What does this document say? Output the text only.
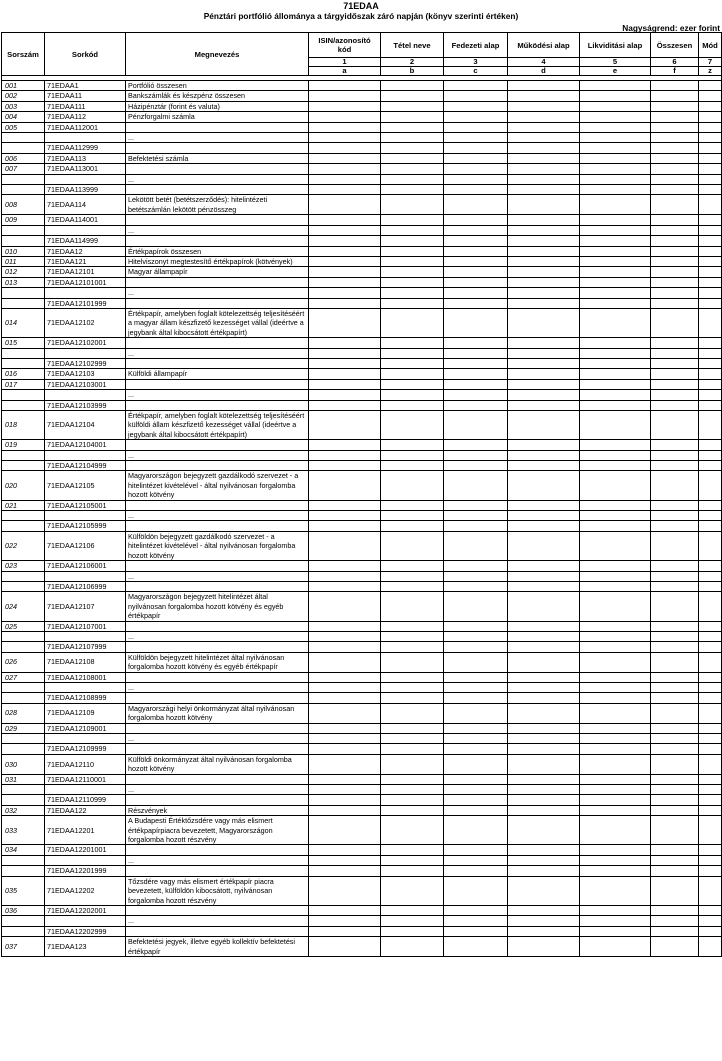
71EDAA
Pénztári portfólió állománya a tárgyidőszak záró napján (könyv szerinti értéken)
Nagyságrend: ezer forint
Sorszám	Sorkód	Megnevezés	ISIN/azonosító kód	Tétel neve	Fedezeti alap	Működési alap	Likviditási alap	Összesen	Mód
			1	2	3	4	5	6	7
			a	b	c	d	e	f	z

001	71EDAA1	Portfólió összesen							
002	71EDAA11	Bankszámlák és készpénz összesen							
003	71EDAA111	Házipénztár (forint és valuta)							
004	71EDAA112	Pénzforgalmi számla							
005	71EDAA112001								
		...							
	71EDAA112999								
006	71EDAA113	Befektetési számla							
007	71EDAA113001								
		...							
	71EDAA113999								
008	71EDAA114	Lekötött betét (betétszerződés): hitelintézeti betétszámlán lekötött pénzösszeg							
009	71EDAA114001								
		...							
	71EDAA114999								
010	71EDAA12	Értékpapírok összesen							
011	71EDAA121	Hitelviszonyt megtestesítő értékpapírok (kötvények)							
012	71EDAA12101	Magyar állampapír							
013	71EDAA12101001								
		...							
	71EDAA12101999								
014	71EDAA12102	Értékpapír, amelyben foglalt kötelezettség teljesítéséért a magyar állam készfizető kezességet vállal (ideértve a jegybank által kibocsátott értékpapírt)							
015	71EDAA12102001								
		...							
	71EDAA12102999								
016	71EDAA12103	Külföldi állampapír							
017	71EDAA12103001								
		...							
	71EDAA12103999								
018	71EDAA12104	Értékpapír, amelyben foglalt kötelezettség teljesítéséért külföldi állam készfizető kezességet vállal (ideértve a jegybank által kibocsátott értékpapírt)							
019	71EDAA12104001								
		...							
	71EDAA12104999								
020	71EDAA12105	Magyarországon bejegyzett gazdálkodó szervezet - a hitelintézet kivételével - által nyilvánosan forgalomba hozott kötvény							
021	71EDAA12105001								
		...							
	71EDAA12105999								
022	71EDAA12106	Külföldön bejegyzett gazdálkodó szervezet - a hitelintézet kivételével - által nyilvánosan forgalomba hozott kötvény							
023	71EDAA12106001								
		...							
	71EDAA12106999								
024	71EDAA12107	Magyarországon bejegyzett hitelintézet által nyilvánosan forgalomba hozott kötvény és egyéb értékpapír							
025	71EDAA12107001								
		...							
	71EDAA12107999								
026	71EDAA12108	Külföldön bejegyzett hitelintézet által nyilvánosan forgalomba hozott kötvény és egyéb értékpapír							
027	71EDAA12108001								
		...							
	71EDAA12108999								
028	71EDAA12109	Magyarországi helyi önkormányzat által nyilvánosan forgalomba hozott kötvény							
029	71EDAA12109001								
		...							
	71EDAA12109999								
030	71EDAA12110	Külföldi önkormányzat által nyilvánosan forgalomba hozott kötvény							
031	71EDAA12110001								
		...							
	71EDAA12110999								
032	71EDAA122	Részvények							
033	71EDAA12201	A Budapesti Értéktőzsdére vagy más elismert értékpapírpiacra bevezetett, Magyarországon forgalomba hozott részvény							
034	71EDAA12201001								
		...							
	71EDAA12201999								
035	71EDAA12202	Tőzsdére vagy más elismert értékpapír piacra bevezetett, külföldön kibocsátott, nyilvánosan forgalomba hozott részvény							
036	71EDAA12202001								
		...							
	71EDAA12202999								
037	71EDAA123	Befektetési jegyek, illetve egyéb kollektív befektetési értékpapír							
